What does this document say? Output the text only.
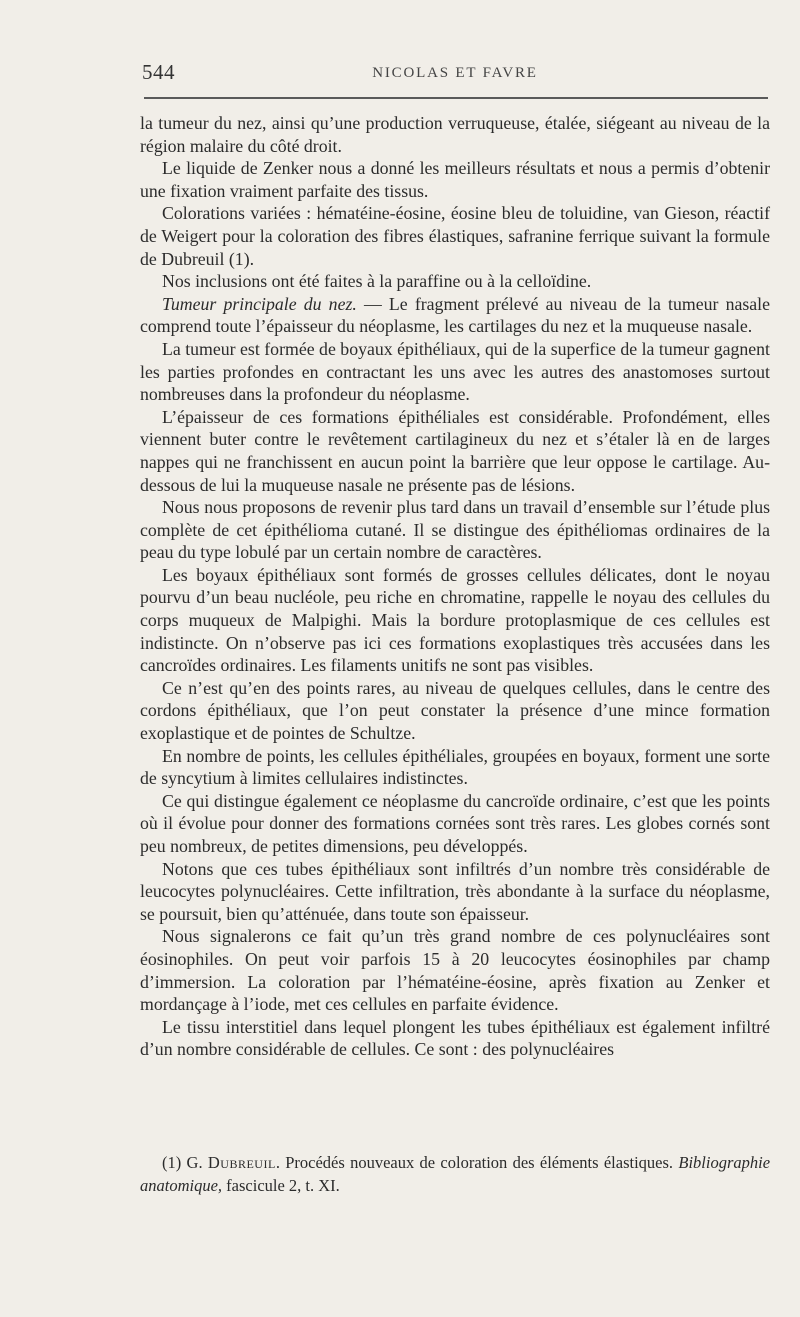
544	NICOLAS ET FAVRE

la tumeur du nez, ainsi qu’une production verruqueuse, étalée, siégeant au niveau de la région malaire du côté droit.

Le liquide de Zenker nous a donné les meilleurs résultats et nous a permis d’obtenir une fixation vraiment parfaite des tissus.

Colorations variées : hématéine-éosine, éosine bleu de toluidine, van Gieson, réactif de Weigert pour la coloration des fibres élastiques, safranine ferrique suivant la formule de Dubreuil (1).

Nos inclusions ont été faites à la paraffine ou à la celloïdine.

Tumeur principale du nez. — Le fragment prélevé au niveau de la tumeur nasale comprend toute l’épaisseur du néoplasme, les cartilages du nez et la muqueuse nasale.

La tumeur est formée de boyaux épithéliaux, qui de la superfice de la tumeur gagnent les parties profondes en contractant les uns avec les autres des anastomoses surtout nombreuses dans la profondeur du néoplasme.

L’épaisseur de ces formations épithéliales est considérable. Profondément, elles viennent buter contre le revêtement cartilagineux du nez et s’étaler là en de larges nappes qui ne franchissent en aucun point la barrière que leur oppose le cartilage. Au-dessous de lui la muqueuse nasale ne présente pas de lésions.

Nous nous proposons de revenir plus tard dans un travail d’ensemble sur l’étude plus complète de cet épithélioma cutané. Il se distingue des épithéliomas ordinaires de la peau du type lobulé par un certain nombre de caractères.

Les boyaux épithéliaux sont formés de grosses cellules délicates, dont le noyau pourvu d’un beau nucléole, peu riche en chromatine, rappelle le noyau des cellules du corps muqueux de Malpighi. Mais la bordure protoplasmique de ces cellules est indistincte. On n’observe pas ici ces formations exoplastiques très accusées dans les cancroïdes ordinaires. Les filaments unitifs ne sont pas visibles.

Ce n’est qu’en des points rares, au niveau de quelques cellules, dans le centre des cordons épithéliaux, que l’on peut constater la présence d’une mince formation exoplastique et de pointes de Schultze.

En nombre de points, les cellules épithéliales, groupées en boyaux, forment une sorte de syncytium à limites cellulaires indistinctes.

Ce qui distingue également ce néoplasme du cancroïde ordinaire, c’est que les points où il évolue pour donner des formations cornées sont très rares. Les globes cornés sont peu nombreux, de petites dimensions, peu développés.

Notons que ces tubes épithéliaux sont infiltrés d’un nombre très considérable de leucocytes polynucléaires. Cette infiltration, très abondante à la surface du néoplasme, se poursuit, bien qu’atténuée, dans toute son épaisseur.

Nous signalerons ce fait qu’un très grand nombre de ces polynucléaires sont éosinophiles. On peut voir parfois 15 à 20 leucocytes éosinophiles par champ d’immersion. La coloration par l’hématéine-éosine, après fixation au Zenker et mordançage à l’iode, met ces cellules en parfaite évidence.

Le tissu interstitiel dans lequel plongent les tubes épithéliaux est également infiltré d’un nombre considérable de cellules. Ce sont : des polynucléaires

(1) G. Dubreuil. Procédés nouveaux de coloration des éléments élastiques. Bibliographie anatomique, fascicule 2, t. XI.
